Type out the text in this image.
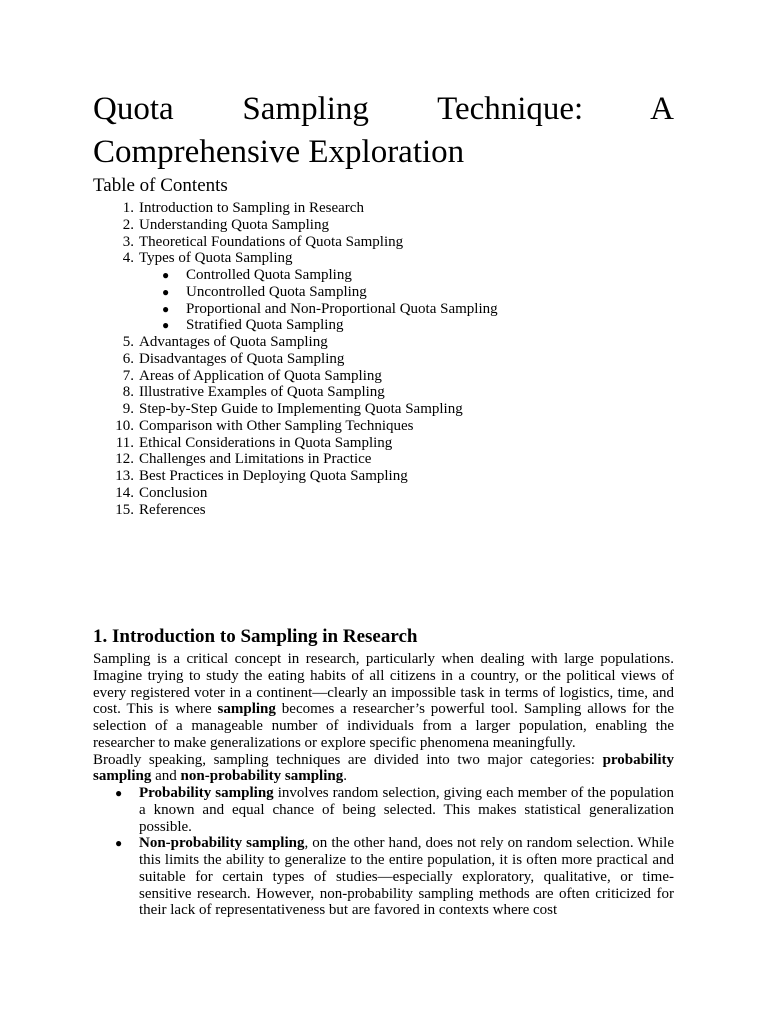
Quota Sampling Technique: A Comprehensive Exploration
Table of Contents
1. Introduction to Sampling in Research
2. Understanding Quota Sampling
3. Theoretical Foundations of Quota Sampling
4. Types of Quota Sampling
● Controlled Quota Sampling
● Uncontrolled Quota Sampling
● Proportional and Non-Proportional Quota Sampling
● Stratified Quota Sampling
5. Advantages of Quota Sampling
6. Disadvantages of Quota Sampling
7. Areas of Application of Quota Sampling
8. Illustrative Examples of Quota Sampling
9. Step-by-Step Guide to Implementing Quota Sampling
10. Comparison with Other Sampling Techniques
11. Ethical Considerations in Quota Sampling
12. Challenges and Limitations in Practice
13. Best Practices in Deploying Quota Sampling
14. Conclusion
15. References
1. Introduction to Sampling in Research

Sampling is a critical concept in research, particularly when dealing with large populations. Imagine trying to study the eating habits of all citizens in a country, or the political views of every registered voter in a continent—clearly an impossible task in terms of logistics, time, and cost. This is where sampling becomes a researcher’s powerful tool. Sampling allows for the selection of a manageable number of individuals from a larger population, enabling the researcher to make generalizations or explore specific phenomena meaningfully.

Broadly speaking, sampling techniques are divided into two major categories: probability sampling and non-probability sampling.

● Probability sampling involves random selection, giving each member of the population a known and equal chance of being selected. This makes statistical generalization possible.
● Non-probability sampling, on the other hand, does not rely on random selection. While this limits the ability to generalize to the entire population, it is often more practical and suitable for certain types of studies—especially exploratory, qualitative, or time-sensitive research. However, non-probability sampling methods are often criticized for their lack of representativeness but are favored in contexts where cost
